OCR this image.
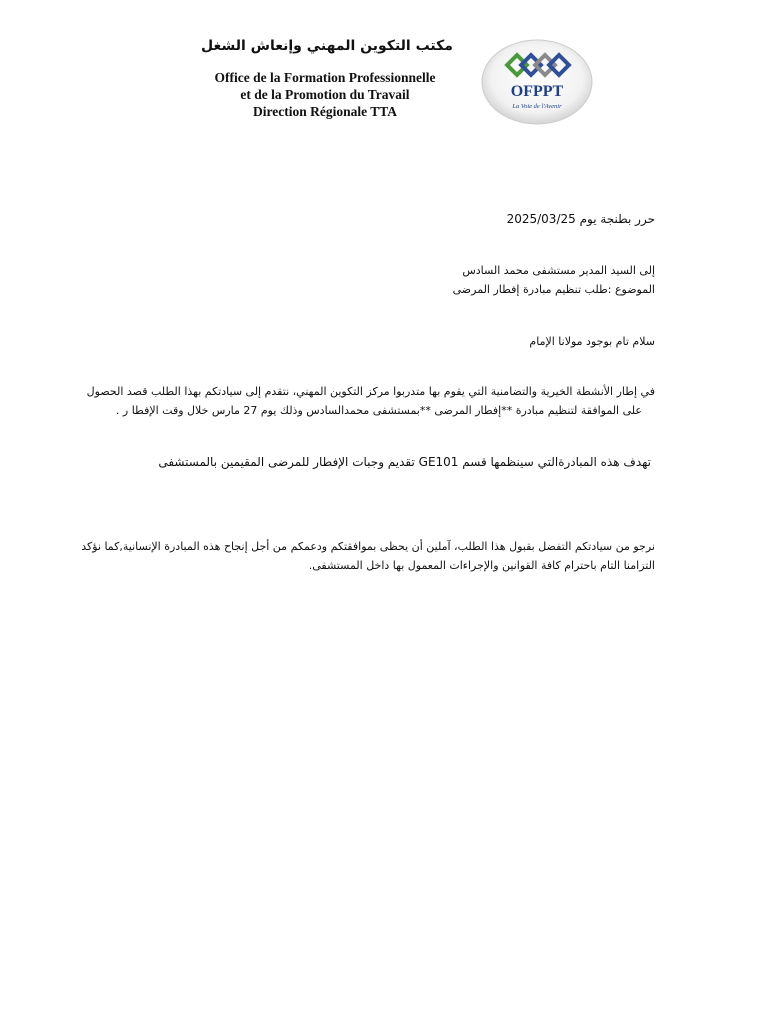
مكتب التكوين المهني وإنعاش الشغل
Office de la Formation Professionnelle
et de la Promotion du Travail
Direction Régionale TTA
OFPPT
La Voie de l'Avenir
حرر بطنجة يوم 2025/03/25
إلى السيد المدير مستشفى محمد السادس
الموضوع :طلب تنظيم مبادرة إفطار المرضى
سلام تام بوجود مولانا الإمام
في إطار الأنشطة الخيرية والتضامنية التي يقوم بها متدربوا مركز التكوين المهني، نتقدم إلى سيادتكم بهذا الطلب قصد الحصول
على الموافقة لتنظيم مبادرة **إفطار المرضى **بمستشفى محمدالسادس وذلك يوم 27 مارس خلال وقت الإفطا ر .
تهدف هذه المبادرةالتي سينظمها قسم GE101 تقديم وجبات الإفطار للمرضى المقيمين بالمستشفى
نرجو من سيادتكم التفضل بقبول هذا الطلب، آملين أن يحظى بموافقتكم ودعمكم من أجل إنجاح هذه المبادرة الإنسانية,كما نؤكد
التزامنا التام باحترام كافة القوانين والإجراءات المعمول بها داخل المستشفى.
